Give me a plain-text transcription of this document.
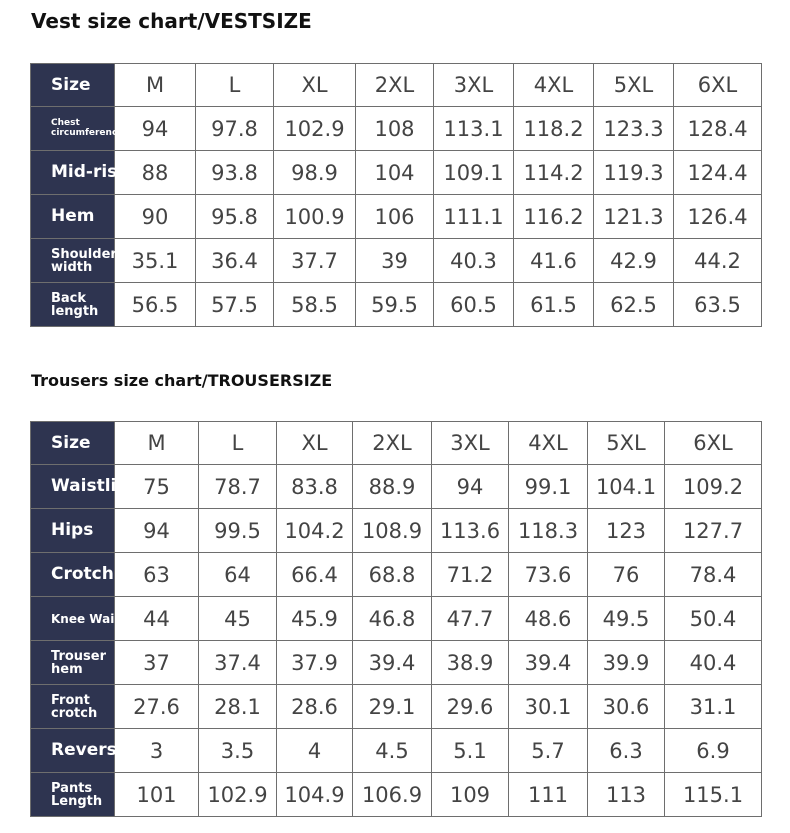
Vest size chart/VESTSIZE
Size	M	L	XL	2XL	3XL	4XL	5XL	6XL

Chest
circumference	94	97.8	102.9	108	113.1	118.2	123.3	128.4

Mid-rise	88	93.8	98.9	104	109.1	114.2	119.3	124.4

Hem	90	95.8	100.9	106	111.1	116.2	121.3	126.4

Shoulder
width	35.1	36.4	37.7	39	40.3	41.6	42.9	44.2

Back
length	56.5	57.5	58.5	59.5	60.5	61.5	62.5	63.5
Trousers size chart/TROUSERSIZE
Size	M	L	XL	2XL	3XL	4XL	5XL	6XL

Waistline	75	78.7	83.8	88.9	94	99.1	104.1	109.2

Hips	94	99.5	104.2	108.9	113.6	118.3	123	127.7

Crotch	63	64	66.4	68.8	71.2	73.6	76	78.4

Knee Wai	44	45	45.9	46.8	47.7	48.6	49.5	50.4

Trouser
hem	37	37.4	37.9	39.4	38.9	39.4	39.9	40.4

Front
crotch	27.6	28.1	28.6	29.1	29.6	30.1	30.6	31.1

Reverse	3	3.5	4	4.5	5.1	5.7	6.3	6.9

Pants
Length	101	102.9	104.9	106.9	109	111	113	115.1
